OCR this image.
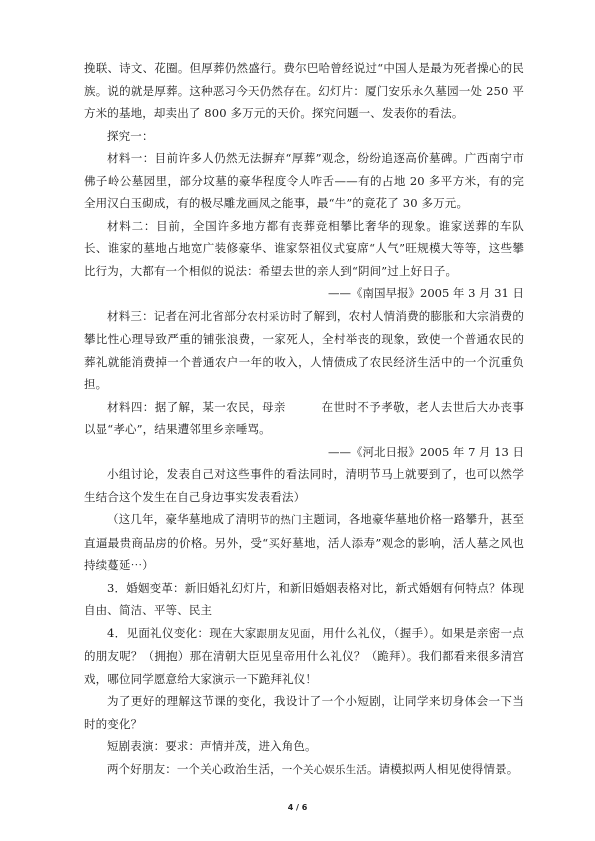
挽联、诗文、花圈。但厚葬仍然盛行。费尔巴哈曾经说过“中国人是最为死者操心的民族。说的就是厚葬。这种恶习今天仍然存在。幻灯片：厦门安乐永久墓园一处 250 平方米的基地，却卖出了 800 多万元的天价。探究问题一、发表你的看法。

探究一：

材料一：目前许多人仍然无法摒弃“厚葬”观念，纷纷追逐高价墓碑。广西南宁市佛子岭公墓园里，部分坟墓的豪华程度令人咋舌——有的占地 20 多平方米，有的完全用汉白玉砌成，有的极尽雕龙画凤之能事，最“牛”的竟花了 30 多万元。

材料二：目前，全国许多地方都有丧葬竞相攀比奢华的现象。谁家送葬的车队长、谁家的墓地占地宽广装修豪华、谁家祭祖仪式宴席“人气”旺规模大等等，这些攀比行为，大都有一个相似的说法：希望去世的亲人到“阴间”过上好日子。

——《南国早报》2005 年 3 月 31 日

材料三：记者在河北省部分农村采访时了解到，农村人情消费的膨胀和大宗消费的攀比性心理导致严重的铺张浪费，一家死人，全村举丧的现象，致使一个普通农民的葬礼就能消费掉一个普通农户一年的收入，人情债成了农民经济生活中的一个沉重负担。

材料四：据了解，某一农民，母亲　　　在世时不予孝敬，老人去世后大办丧事以显“孝心”，结果遭邻里乡亲唾骂。

——《河北日报》2005 年 7 月 13 日

小组讨论，发表自己对这些事件的看法同时，清明节马上就要到了，也可以然学生结合这个发生在自己身边事实发表看法）

（这几年，豪华墓地成了清明节的热门主题词，各地豪华墓地价格一路攀升，甚至直逼最贵商品房的价格。另外，受“买好墓地，活人添寿”观念的影响，活人墓之风也持续蔓延⋯）

3．婚姻变革：新旧婚礼幻灯片，和新旧婚姻表格对比，新式婚姻有何特点？体现自由、简洁、平等、民主

4．见面礼仪变化：现在大家跟朋友见面，用什么礼仪，（握手）。如果是亲密一点的朋友呢？（拥抱）那在清朝大臣见皇帝用什么礼仪？（跪拜）。我们都看来很多清宫戏，哪位同学愿意给大家演示一下跪拜礼仪！

为了更好的理解这节课的变化，我设计了一个小短剧，让同学来切身体会一下当时的变化？

短剧表演：要求：声情并茂，进入角色。

两个好朋友：一个关心政治生活，一个关心娱乐生活。请模拟两人相见使得情景。

4 / 6
